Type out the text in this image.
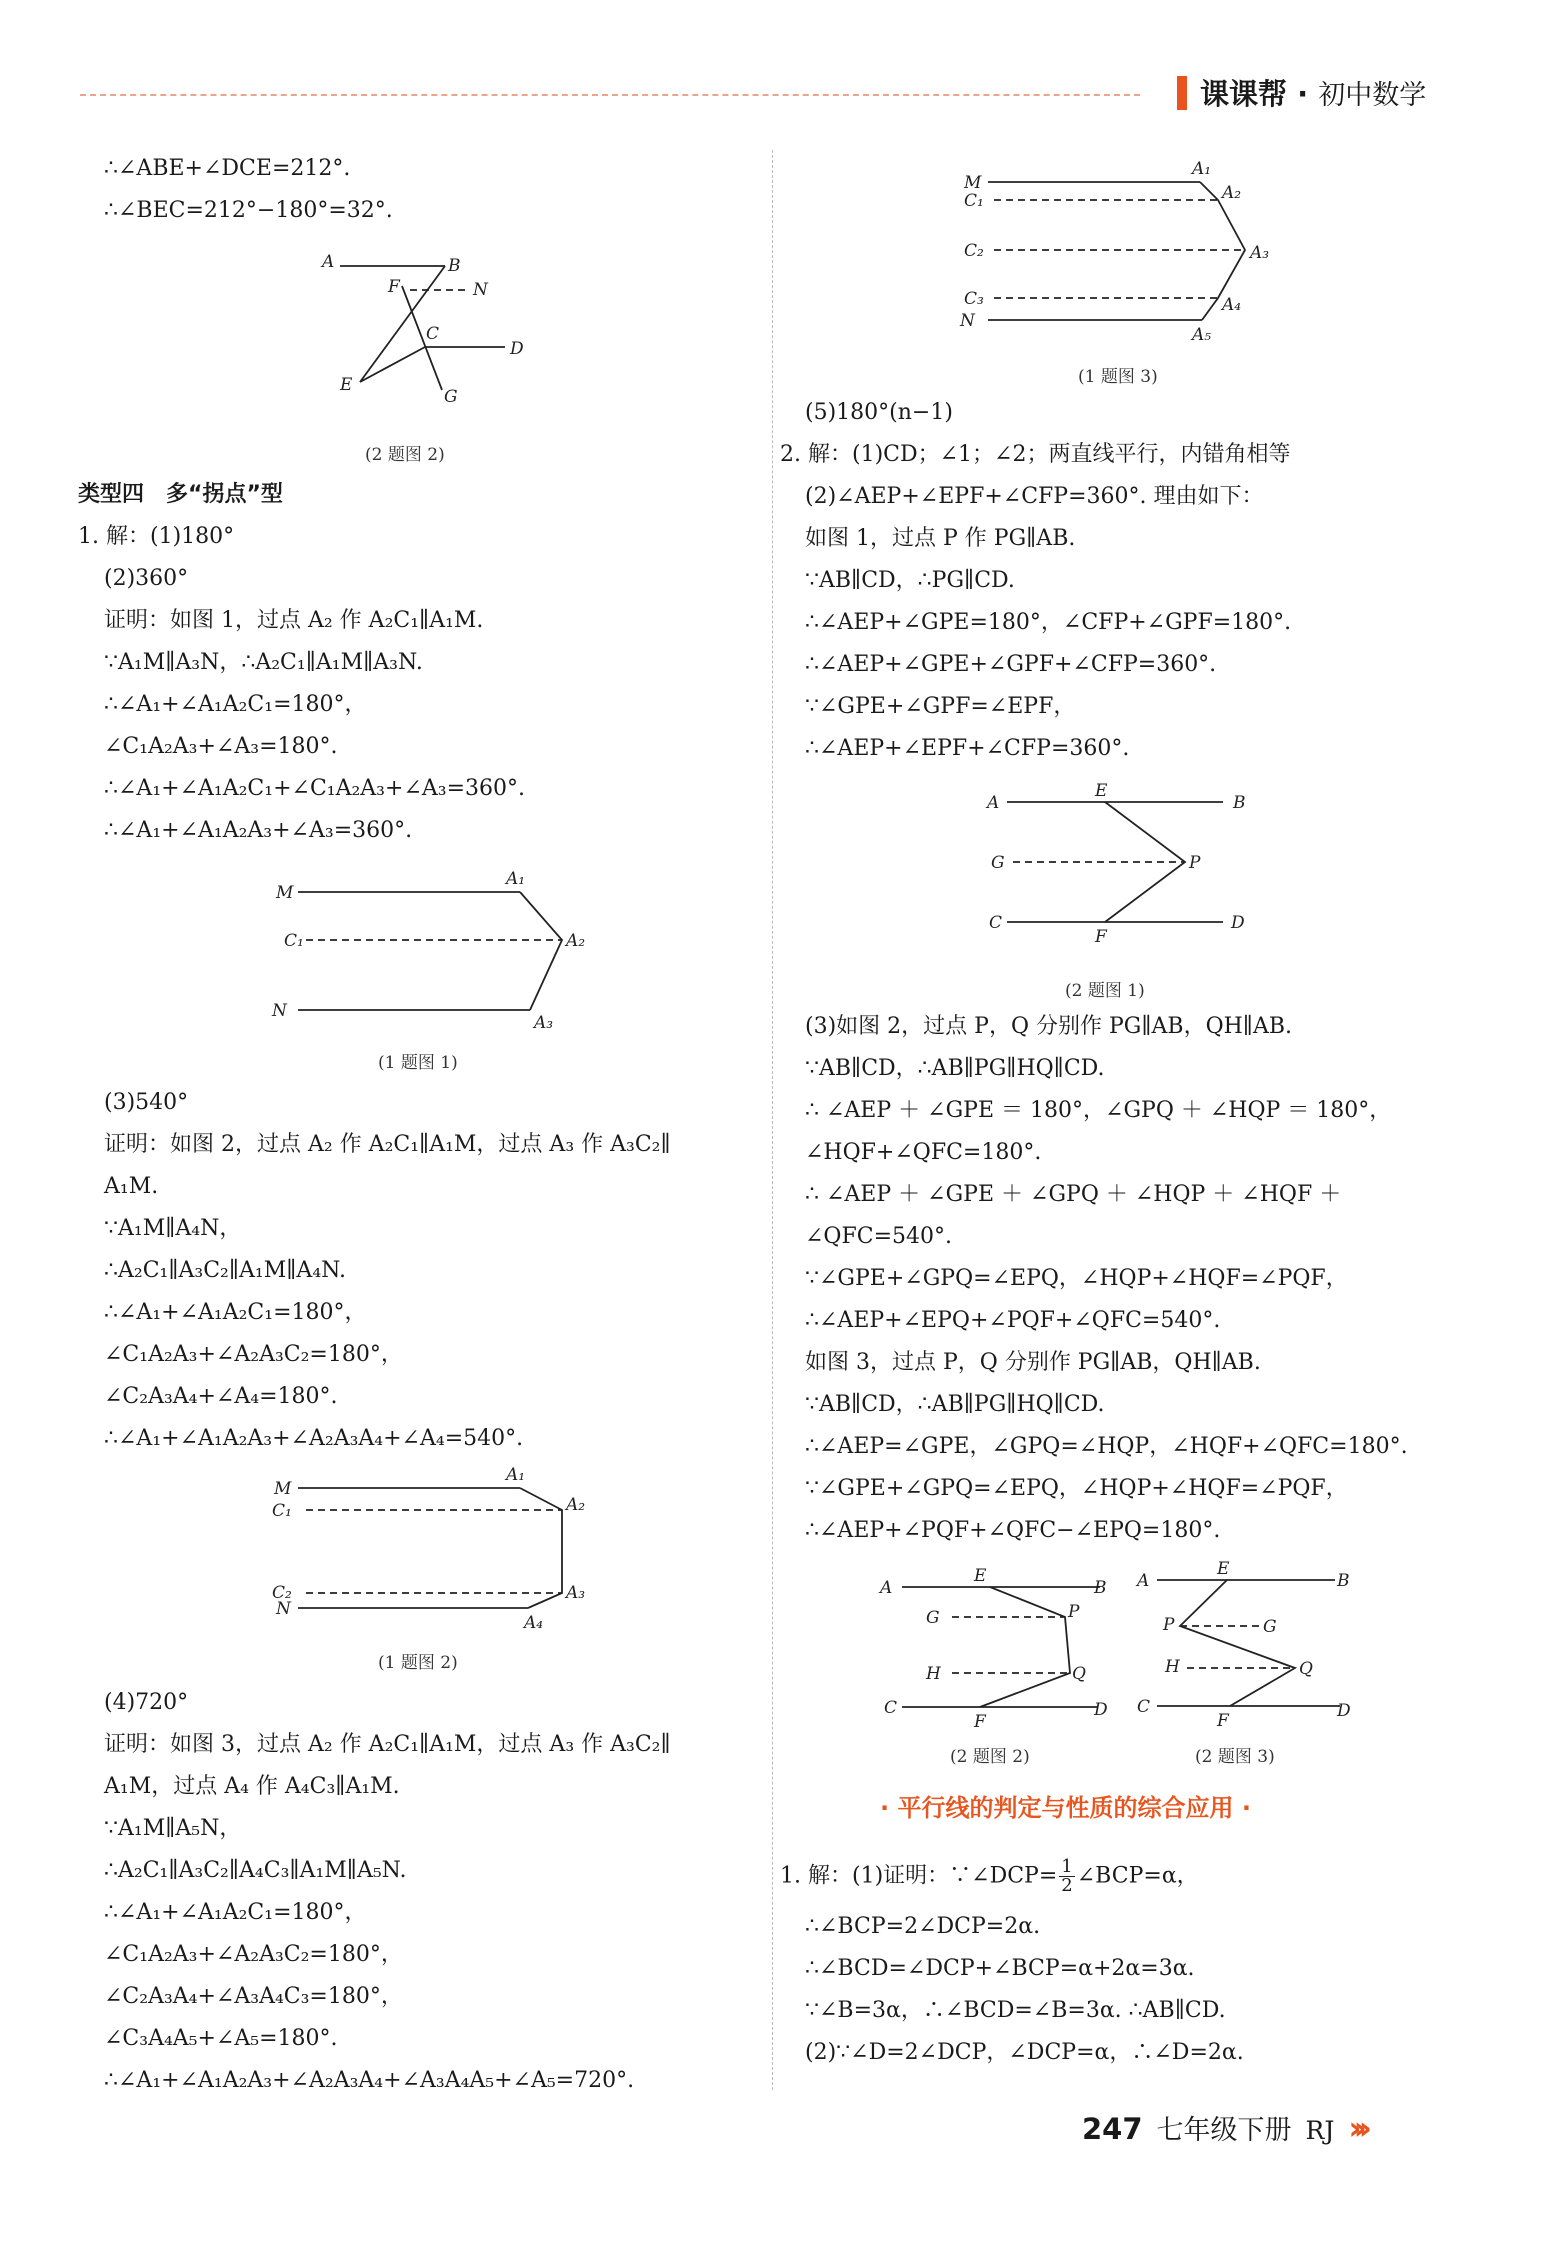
课课帮 · 初中数学
∴∠ABE+∠DCE=212°.
∴∠BEC=212°−180°=32°.
A	B
F	N
C
D
E
G
(2 题图 2)
类型四　多“拐点”型
1. 解：(1)180°
(2)360°
证明：如图 1，过点 A₂ 作 A₂C₁∥A₁M.
∵A₁M∥A₃N，∴A₂C₁∥A₁M∥A₃N.
∴∠A₁+∠A₁A₂C₁=180°，
∠C₁A₂A₃+∠A₃=180°.
∴∠A₁+∠A₁A₂C₁+∠C₁A₂A₃+∠A₃=360°.
∴∠A₁+∠A₁A₂A₃+∠A₃=360°.
M
C₁
N
A₁
A₂
A₃
(1 题图 1)
(3)540°
证明：如图 2，过点 A₂ 作 A₂C₁∥A₁M，过点 A₃ 作 A₃C₂∥
A₁M.
∵A₁M∥A₄N，
∴A₂C₁∥A₃C₂∥A₁M∥A₄N.
∴∠A₁+∠A₁A₂C₁=180°，
∠C₁A₂A₃+∠A₂A₃C₂=180°，
∠C₂A₃A₄+∠A₄=180°.
∴∠A₁+∠A₁A₂A₃+∠A₂A₃A₄+∠A₄=540°.
M
C₁
C₂
N
A₁
A₂
A₃
A₄
(1 题图 2)
(4)720°
证明：如图 3，过点 A₂ 作 A₂C₁∥A₁M，过点 A₃ 作 A₃C₂∥
A₁M，过点 A₄ 作 A₄C₃∥A₁M.
∵A₁M∥A₅N，
∴A₂C₁∥A₃C₂∥A₄C₃∥A₁M∥A₅N.
∴∠A₁+∠A₁A₂C₁=180°，
∠C₁A₂A₃+∠A₂A₃C₂=180°，
∠C₂A₃A₄+∠A₃A₄C₃=180°，
∠C₃A₄A₅+∠A₅=180°.
∴∠A₁+∠A₁A₂A₃+∠A₂A₃A₄+∠A₃A₄A₅+∠A₅=720°.
M
C₁
C₂
C₃
N
A₁
A₂
A₃
A₄
A₅
(1 题图 3)
(5)180°(n−1)
2. 解：(1)CD；∠1；∠2；两直线平行，内错角相等
(2)∠AEP+∠EPF+∠CFP=360°. 理由如下：
如图 1，过点 P 作 PG∥AB.
∵AB∥CD，∴PG∥CD.
∴∠AEP+∠GPE=180°，∠CFP+∠GPF=180°.
∴∠AEP+∠GPE+∠GPF+∠CFP=360°.
∵∠GPE+∠GPF=∠EPF，
∴∠AEP+∠EPF+∠CFP=360°.
A
E
B
G	P
C	D
F
(2 题图 1)
(3)如图 2，过点 P，Q 分别作 PG∥AB，QH∥AB.
∵AB∥CD，∴AB∥PG∥HQ∥CD.
∴ ∠AEP ＋ ∠GPE ＝ 180°，∠GPQ ＋ ∠HQP ＝ 180°，
∠HQF+∠QFC=180°.
∴ ∠AEP ＋ ∠GPE ＋ ∠GPQ ＋ ∠HQP ＋ ∠HQF ＋
∠QFC=540°.
∵∠GPE+∠GPQ=∠EPQ，∠HQP+∠HQF=∠PQF，
∴∠AEP+∠EPQ+∠PQF+∠QFC=540°.
如图 3，过点 P，Q 分别作 PG∥AB，QH∥AB.
∵AB∥CD，∴AB∥PG∥HQ∥CD.
∴∠AEP=∠GPE，∠GPQ=∠HQP，∠HQF+∠QFC=180°.
∵∠GPE+∠GPQ=∠EPQ，∠HQP+∠HQF=∠PQF，
∴∠AEP+∠PQF+∠QFC−∠EPQ=180°.
A
E
B
G	P
H	Q
C	D
F
(2 题图 2)
A
E
B
P	G
H	Q
C	D
F
(2 题图 3)
· 平行线的判定与性质的综合应用 ·
1. 解：(1)证明：∵∠DCP= $\frac{1}{2}$ ∠BCP=α，
∴∠BCP=2∠DCP=2α.
∴∠BCD=∠DCP+∠BCP=α+2α=3α.
∵∠B=3α，∴∠BCD=∠B=3α. ∴AB∥CD.
(2)∵∠D=2∠DCP，∠DCP=α，∴∠D=2α.
247 七年级下册 RJ ›››
